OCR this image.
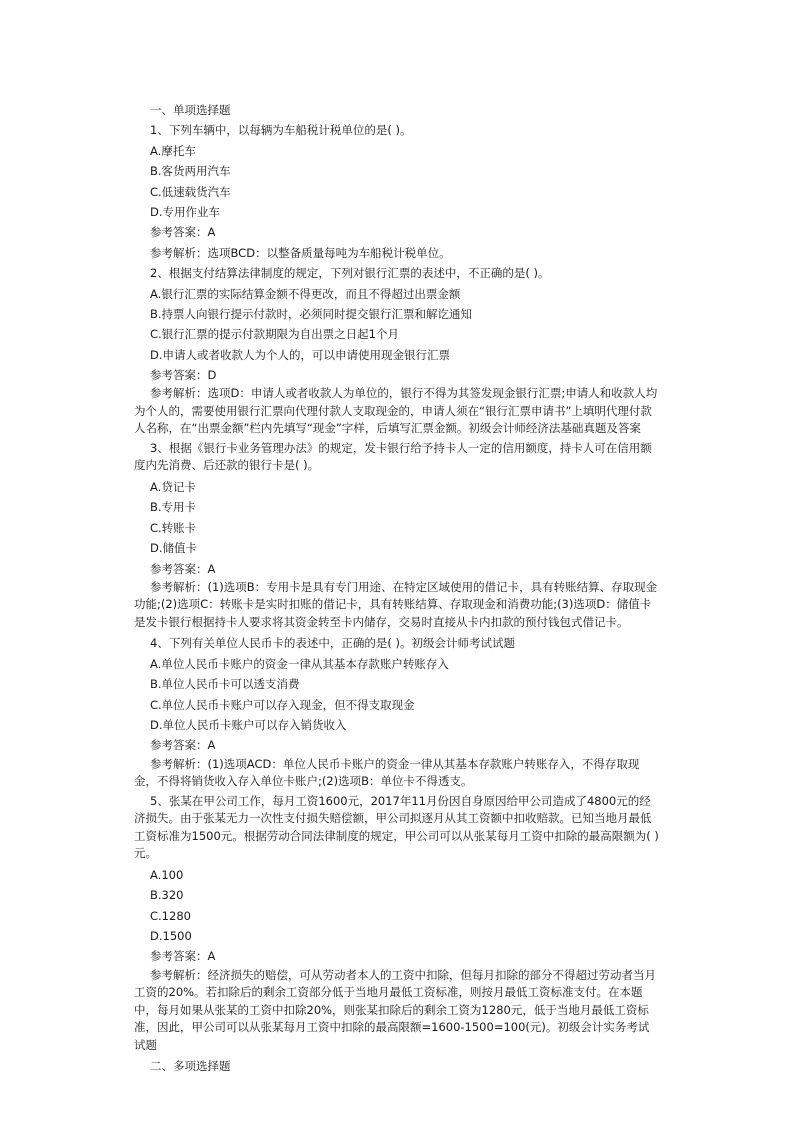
一、单项选择题
1、下列车辆中，以每辆为车船税计税单位的是( )。
A.摩托车
B.客货两用汽车
C.低速载货汽车
D.专用作业车
参考答案：A
参考解析：选项BCD：以整备质量每吨为车船税计税单位。
2、根据支付结算法律制度的规定，下列对银行汇票的表述中，不正确的是( )。
A.银行汇票的实际结算金额不得更改，而且不得超过出票金额
B.持票人向银行提示付款时，必须同时提交银行汇票和解讫通知
C.银行汇票的提示付款期限为自出票之日起1个月
D.申请人或者收款人为个人的，可以申请使用现金银行汇票
参考答案：D
参考解析：选项D：申请人或者收款人为单位的，银行不得为其签发现金银行汇票;申请人和收款人均为个人的，需要使用银行汇票向代理付款人支取现金的，申请人须在“银行汇票申请书”上填明代理付款人名称，在“出票金额”栏内先填写“现金”字样，后填写汇票金额。初级会计师经济法基础真题及答案
3、根据《银行卡业务管理办法》的规定，发卡银行给予持卡人一定的信用额度，持卡人可在信用额度内先消费、后还款的银行卡是( )。
A.贷记卡
B.专用卡
C.转账卡
D.储值卡
参考答案：A
参考解析：(1)选项B：专用卡是具有专门用途、在特定区域使用的借记卡，具有转账结算、存取现金功能;(2)选项C：转账卡是实时扣账的借记卡，具有转账结算、存取现金和消费功能;(3)选项D：储值卡是发卡银行根据持卡人要求将其资金转至卡内储存，交易时直接从卡内扣款的预付钱包式借记卡。
4、下列有关单位人民币卡的表述中，正确的是( )。初级会计师考试试题
A.单位人民币卡账户的资金一律从其基本存款账户转账存入
B.单位人民币卡可以透支消费
C.单位人民币卡账户可以存入现金，但不得支取现金
D.单位人民币卡账户可以存入销货收入
参考答案：A
参考解析：(1)选项ACD：单位人民币卡账户的资金一律从其基本存款账户转账存入，不得存取现金，不得将销货收入存入单位卡账户;(2)选项B：单位卡不得透支。
5、张某在甲公司工作，每月工资1600元，2017年11月份因自身原因给甲公司造成了4800元的经济损失。由于张某无力一次性支付损失赔偿额，甲公司拟逐月从其工资额中扣收赔款。已知当地月最低工资标准为1500元。根据劳动合同法律制度的规定，甲公司可以从张某每月工资中扣除的最高限额为( )元。
A.100
B.320
C.1280
D.1500
参考答案：A
参考解析：经济损失的赔偿，可从劳动者本人的工资中扣除，但每月扣除的部分不得超过劳动者当月工资的20%。若扣除后的剩余工资部分低于当地月最低工资标准，则按月最低工资标准支付。在本题中，每月如果从张某的工资中扣除20%，则张某扣除后的剩余工资为1280元，低于当地月最低工资标准，因此，甲公司可以从张某每月工资中扣除的最高限额=1600-1500=100(元)。初级会计实务考试试题
二、多项选择题
